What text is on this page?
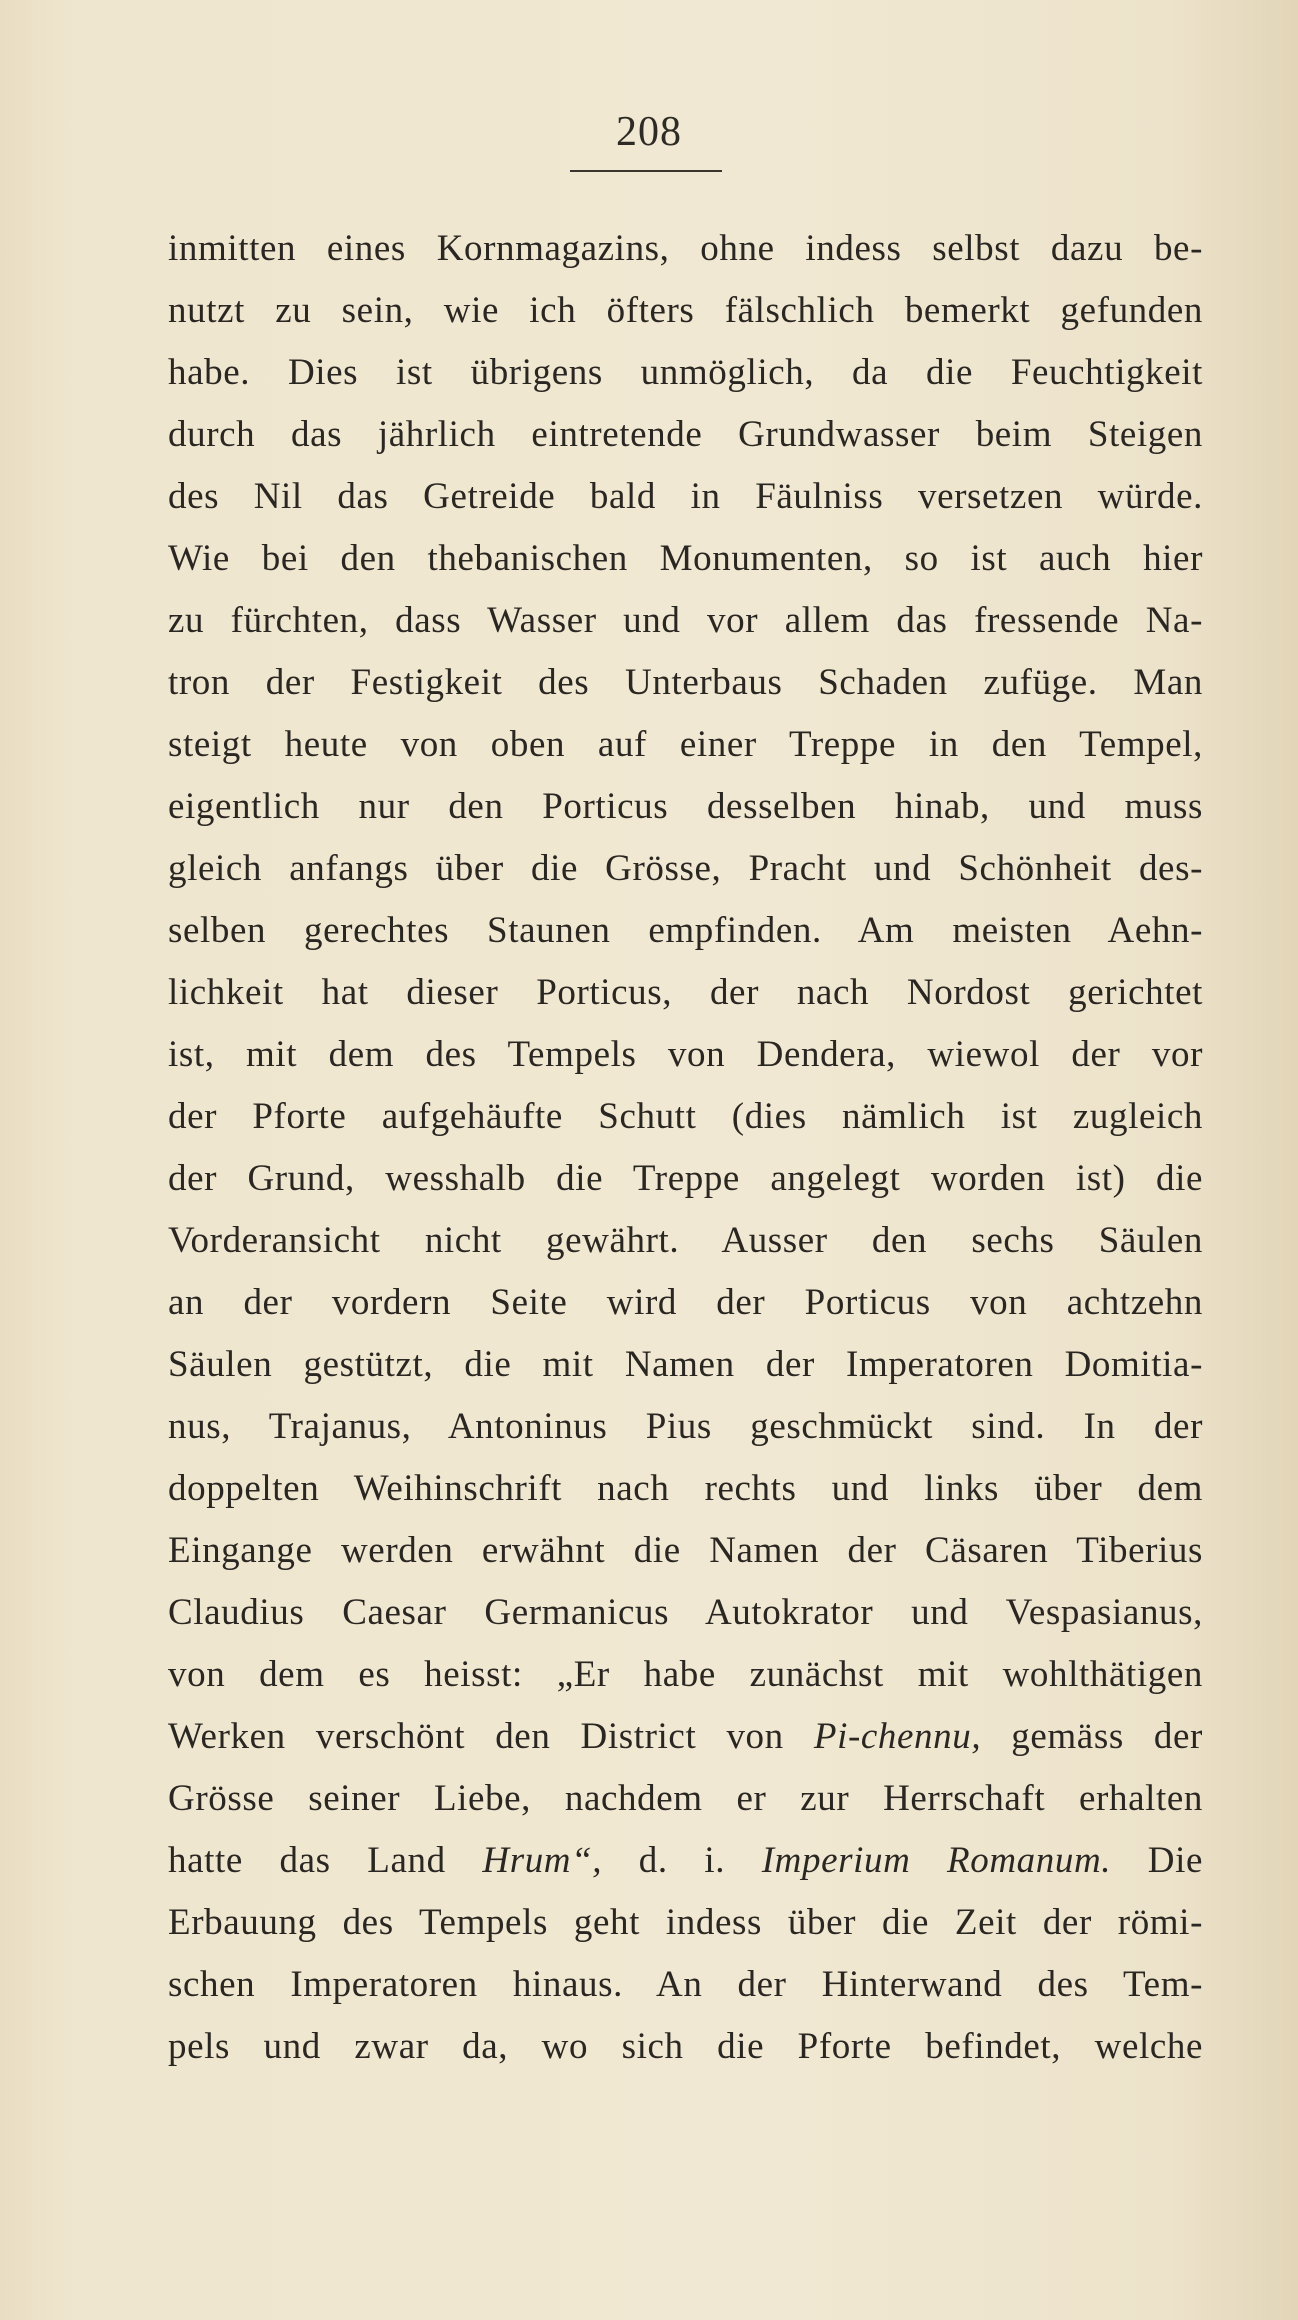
208
inmitten eines Kornmagazins, ohne indess selbst dazu be-
nutzt zu sein, wie ich öfters fälschlich bemerkt gefunden
habe. Dies ist übrigens unmöglich, da die Feuchtigkeit
durch das jährlich eintretende Grundwasser beim Steigen
des Nil das Getreide bald in Fäulniss versetzen würde.
Wie bei den thebanischen Monumenten, so ist auch hier
zu fürchten, dass Wasser und vor allem das fressende Na-
tron der Festigkeit des Unterbaus Schaden zufüge. Man
steigt heute von oben auf einer Treppe in den Tempel,
eigentlich nur den Porticus desselben hinab, und muss
gleich anfangs über die Grösse, Pracht und Schönheit des-
selben gerechtes Staunen empfinden. Am meisten Aehn-
lichkeit hat dieser Porticus, der nach Nordost gerichtet
ist, mit dem des Tempels von Dendera, wiewol der vor
der Pforte aufgehäufte Schutt (dies nämlich ist zugleich
der Grund, wesshalb die Treppe angelegt worden ist) die
Vorderansicht nicht gewährt. Ausser den sechs Säulen
an der vordern Seite wird der Porticus von achtzehn
Säulen gestützt, die mit Namen der Imperatoren Domitia-
nus, Trajanus, Antoninus Pius geschmückt sind. In der
doppelten Weihinschrift nach rechts und links über dem
Eingange werden erwähnt die Namen der Cäsaren Tiberius
Claudius Caesar Germanicus Autokrator und Vespasianus,
von dem es heisst: „Er habe zunächst mit wohlthätigen
Werken verschönt den District von Pi-chennu, gemäss der
Grösse seiner Liebe, nachdem er zur Herrschaft erhalten
hatte das Land Hrum“, d. i. Imperium Romanum. Die
Erbauung des Tempels geht indess über die Zeit der römi-
schen Imperatoren hinaus. An der Hinterwand des Tem-
pels und zwar da, wo sich die Pforte befindet, welche
